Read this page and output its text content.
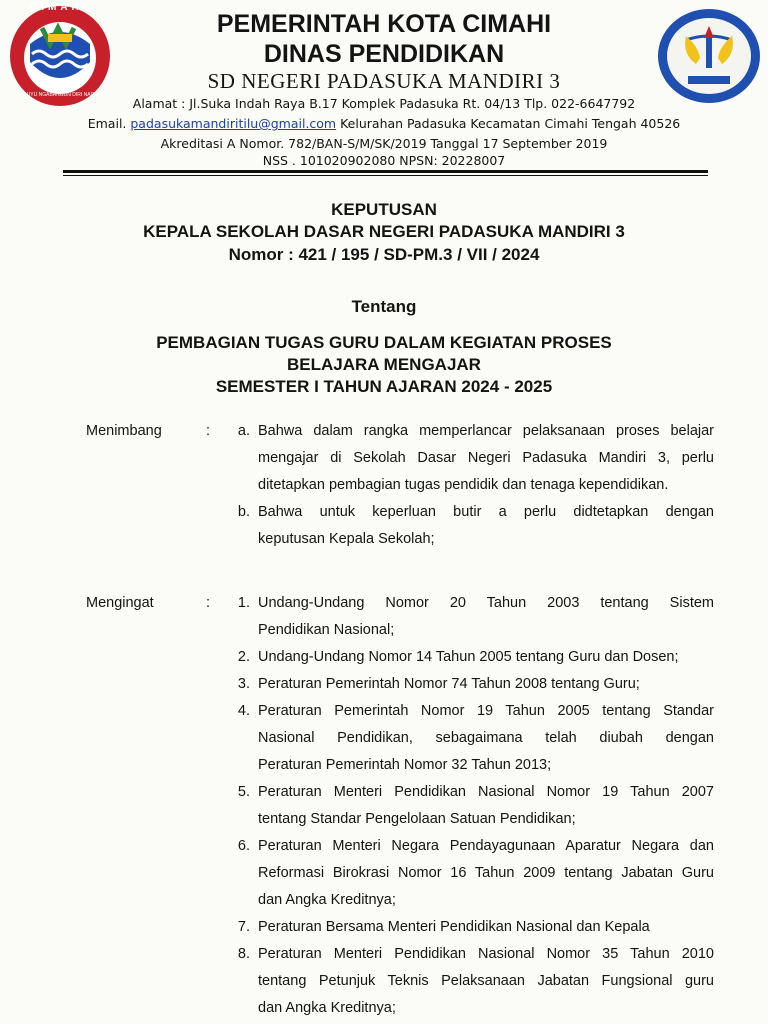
CIMAHI
SALUYU NGABANGUN DIRI NAGARA
PEMERINTAH KOTA CIMAHI
DINAS PENDIDIKAN
SD NEGERI PADASUKA MANDIRI 3
Alamat : Jl.Suka Indah Raya B.17 Komplek Padasuka Rt. 04/13 Tlp. 022-6647792
Email. padasukamandiritilu@gmail.com Kelurahan Padasuka Kecamatan Cimahi Tengah 40526
Akreditasi A Nomor. 782/BAN-S/M/SK/2019 Tanggal 17 September 2019
NSS . 101020902080 NPSN: 20228007
KEPUTUSAN
KEPALA SEKOLAH DASAR NEGERI PADASUKA MANDIRI 3
Nomor : 421 / 195 / SD-PM.3 / VII / 2024
Tentang
PEMBAGIAN TUGAS GURU DALAM KEGIATAN PROSES
BELAJARA MENGAJAR
SEMESTER I TAHUN AJARAN 2024 - 2025
Menimbang	:	a. Bahwa dalam rangka memperlancar pelaksanaan proses belajar
mengajar di Sekolah Dasar Negeri Padasuka Mandiri 3, perlu
ditetapkan pembagian tugas pendidik dan tenaga kependidikan.
b. Bahwa untuk keperluan butir a perlu didtetapkan dengan
keputusan Kepala Sekolah;
Mengingat	:	1. Undang-Undang Nomor 20 Tahun 2003 tentang Sistem
Pendidikan Nasional;
2. Undang-Undang Nomor 14 Tahun 2005 tentang Guru dan Dosen;
3. Peraturan Pemerintah Nomor 74 Tahun 2008 tentang Guru;
4. Peraturan Pemerintah Nomor 19 Tahun 2005 tentang Standar
Nasional Pendidikan, sebagaimana telah diubah dengan
Peraturan Pemerintah Nomor 32 Tahun 2013;
5. Peraturan Menteri Pendidikan Nasional Nomor 19 Tahun 2007
tentang Standar Pengelolaan Satuan Pendidikan;
6. Peraturan Menteri Negara Pendayagunaan Aparatur Negara dan
Reformasi Birokrasi Nomor 16 Tahun 2009 tentang Jabatan Guru
dan Angka Kreditnya;
7. Peraturan Bersama Menteri Pendidikan Nasional dan Kepala
8. Peraturan Menteri Pendidikan Nasional Nomor 35 Tahun 2010
tentang Petunjuk Teknis Pelaksanaan Jabatan Fungsional guru
dan Angka Kreditnya;
